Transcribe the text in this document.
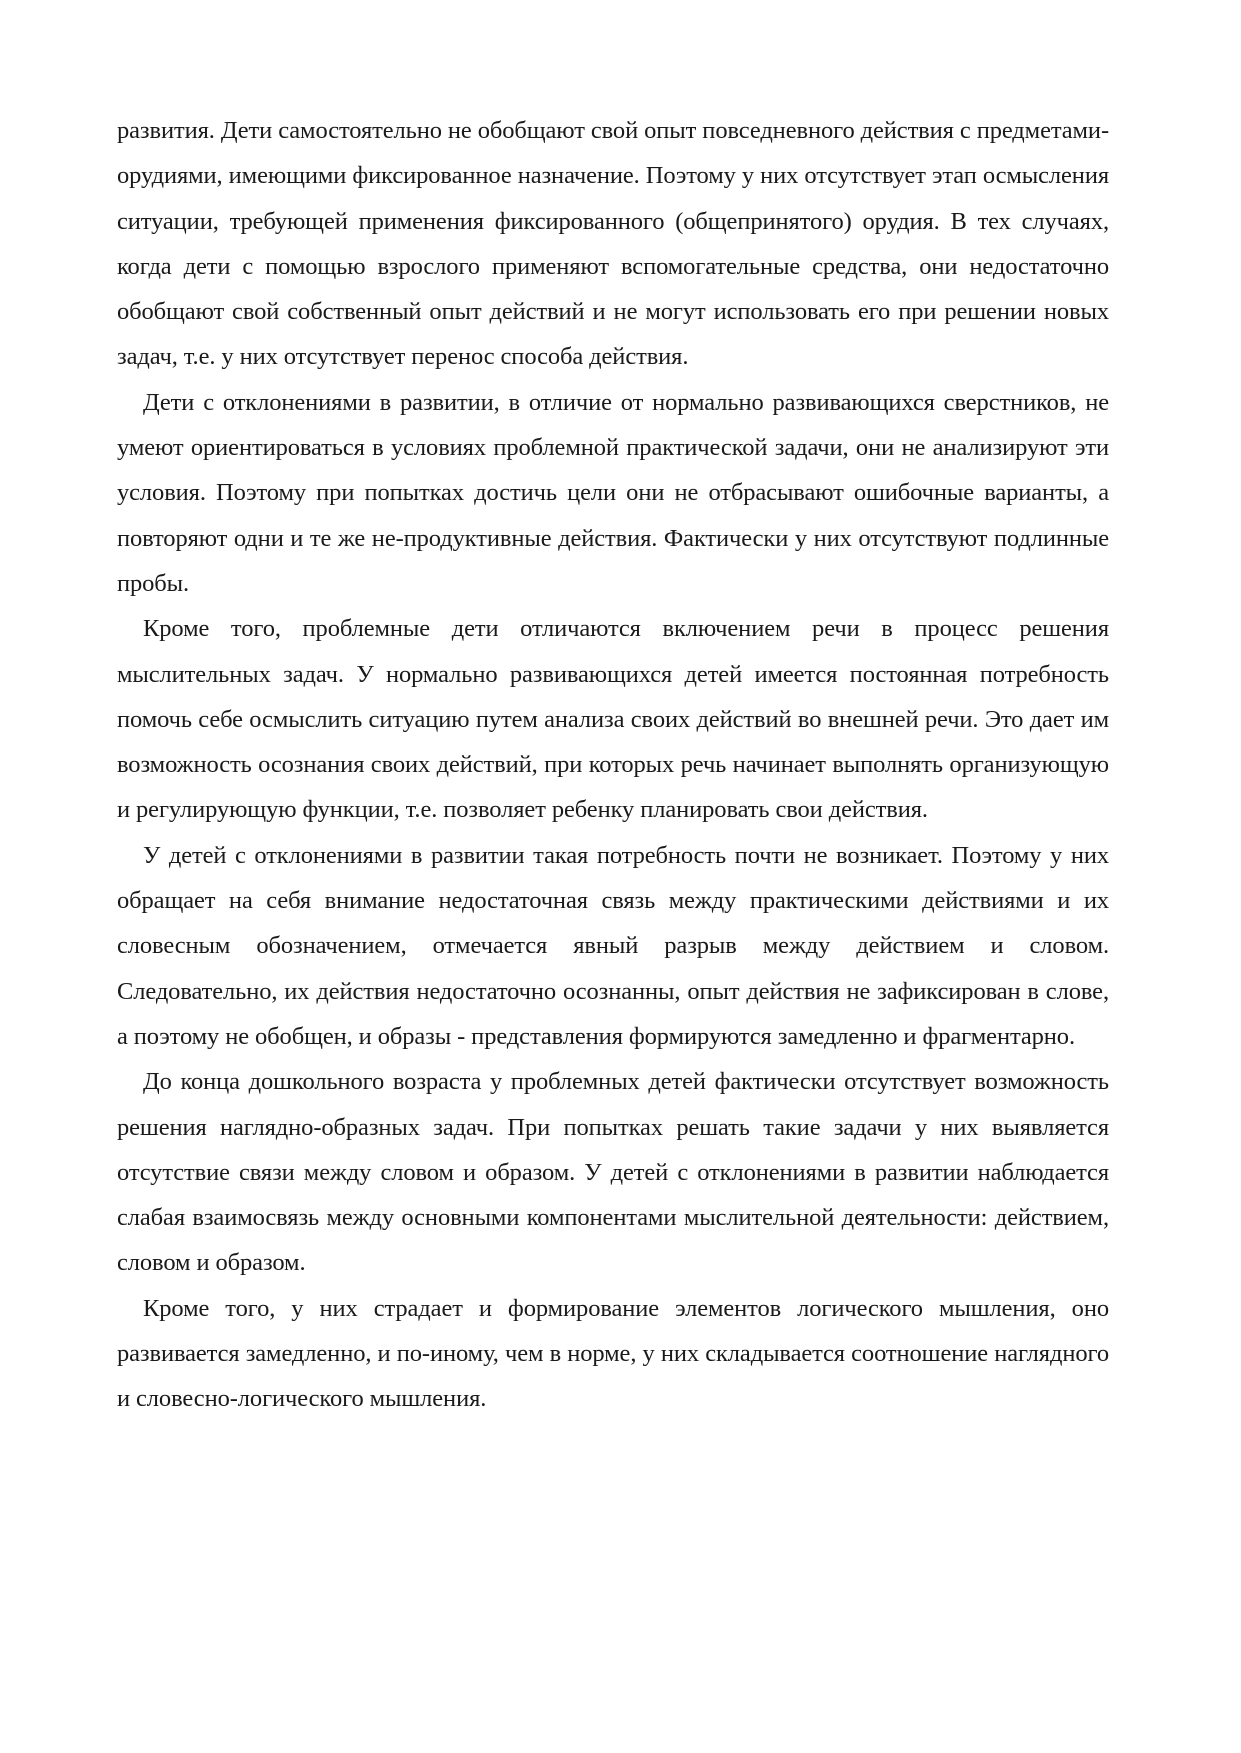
развития. Дети самостоятельно не обобщают свой опыт повседневного действия с предметами-орудиями, имеющими фиксированное назначение. Поэтому у них отсутствует этап осмысления ситуации, требующей применения фиксированного (общепринятого) орудия. В тех случаях, когда дети с помощью взрослого применяют вспомогательные средства, они недостаточно обобщают свой собственный опыт действий и не могут использовать его при решении новых задач, т.е. у них отсутствует перенос способа действия.

Дети с отклонениями в развитии, в отличие от нормально развивающихся сверстников, не умеют ориентироваться в условиях проблемной практической задачи, они не анализируют эти условия. Поэтому при попытках достичь цели они не отбрасывают ошибочные варианты, а повторяют одни и те же не-продуктивные действия. Фактически у них отсутствуют подлинные пробы.

Кроме того, проблемные дети отличаются включением речи в процесс решения мыслительных задач. У нормально развивающихся детей имеется постоянная потребность помочь себе осмыслить ситуацию путем анализа своих действий во внешней речи. Это дает им возможность осознания своих действий, при которых речь начинает выполнять организующую и регулирующую функции, т.е. позволяет ребенку планировать свои действия.

У детей с отклонениями в развитии такая потребность почти не возникает. Поэтому у них обращает на себя внимание недостаточная связь между практическими действиями и их словесным обозначением, отмечается явный разрыв между действием и словом. Следовательно, их действия недостаточно осознанны, опыт действия не зафиксирован в слове, а поэтому не обобщен, и образы - представления формируются замедленно и фрагментарно.

До конца дошкольного возраста у проблемных детей фактически отсутствует возможность решения наглядно-образных задач. При попытках решать такие задачи у них выявляется отсутствие связи между словом и образом. У детей с отклонениями в развитии наблюдается слабая взаимосвязь между основными компонентами мыслительной деятельности: действием, словом и образом.

Кроме того, у них страдает и формирование элементов логического мышления, оно развивается замедленно, и по-иному, чем в норме, у них складывается соотношение наглядного и словесно-логического мышления.
